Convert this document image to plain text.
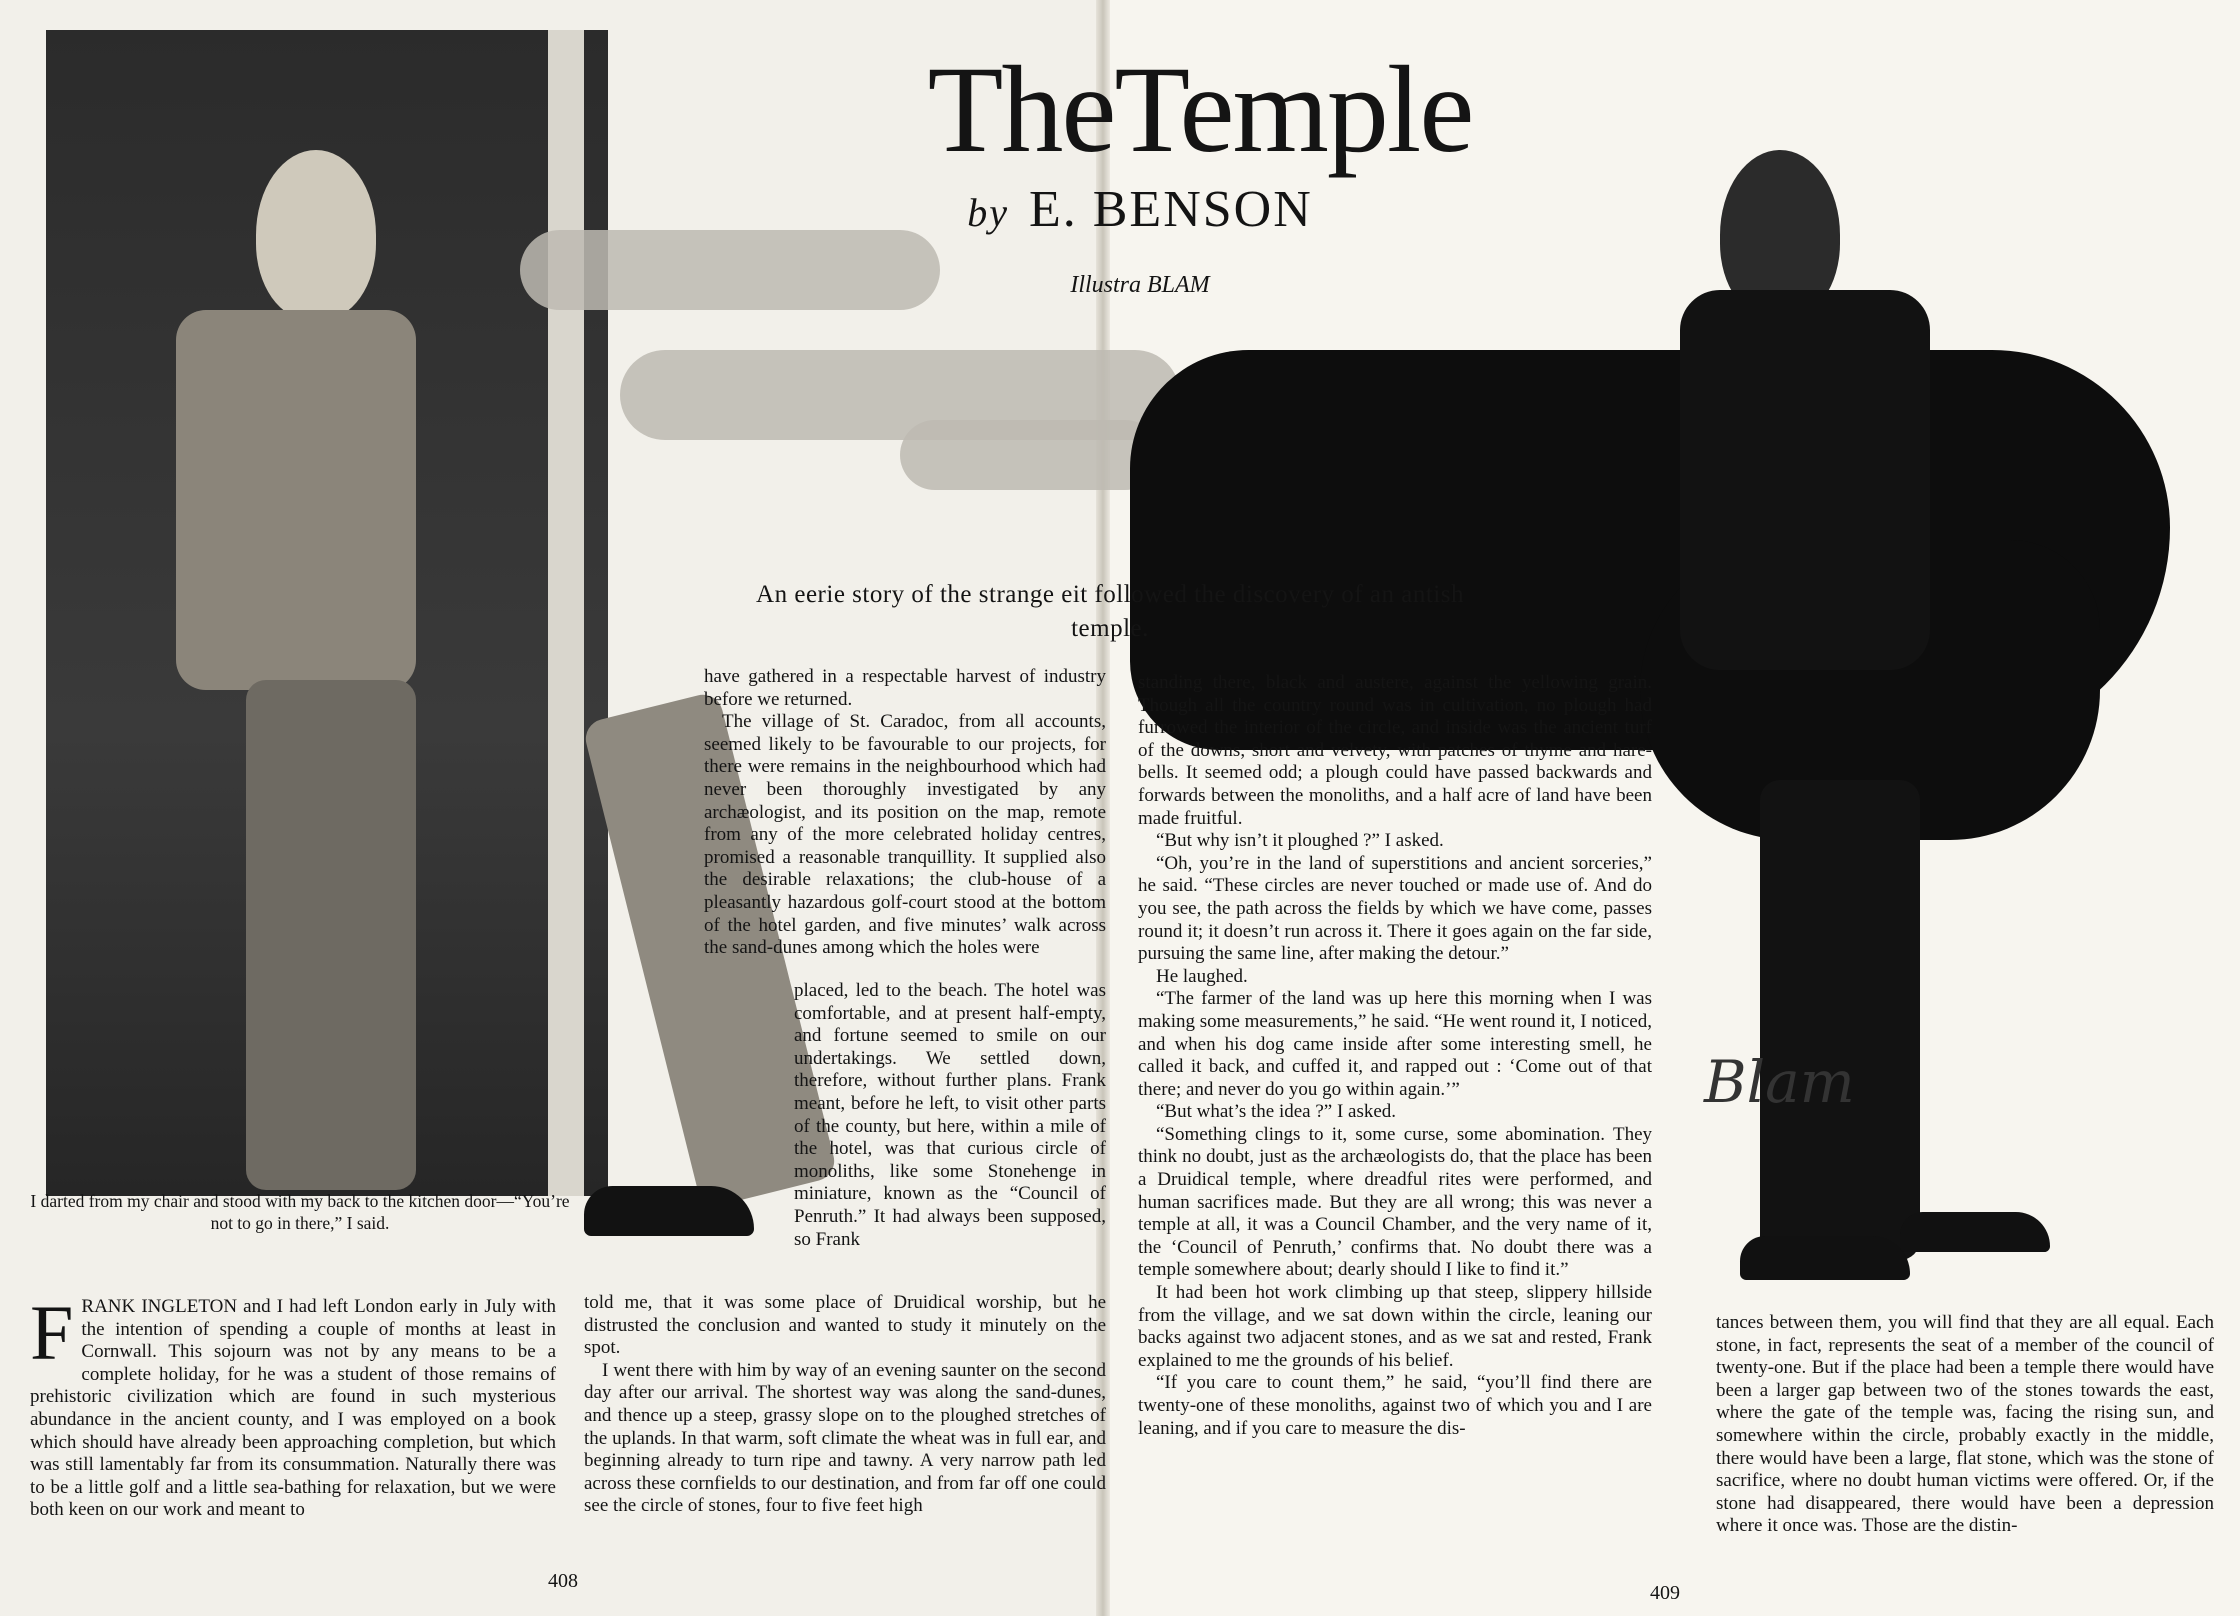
Blam
TheTemple
by E. BENSON
Illustra BLAM
An eerie story of the strange eit followed the discovery of an antish temple.
I darted from my chair and stood with my back to the kitchen door—“You’re not to go in there,” I said.

FRANK INGLETON and I had left London early in July with the intention of spending a couple of months at least in Cornwall. This sojourn was not by any means to be a complete holiday, for he was a student of those remains of prehistoric civilization which are found in such mysterious abundance in the ancient county, and I was employed on a book which should have already been approaching completion, but which was still lamentably far from its consummation. Naturally there was to be a little golf and a little sea-bathing for relaxation, but we were both keen on our work and meant to

have gathered in a respectable harvest of industry before we returned.

The village of St. Caradoc, from all accounts, seemed likely to be favourable to our projects, for there were remains in the neighbourhood which had never been thoroughly investigated by any archæologist, and its position on the map, remote from any of the more celebrated holiday centres, promised a reasonable tranquillity. It supplied also the desirable relaxations; the club-house of a pleasantly hazardous golf-court stood at the bottom of the hotel garden, and five minutes’ walk across the sand-dunes among which the holes were

placed, led to the beach. The hotel was comfortable, and at present half-empty, and fortune seemed to smile on our undertakings. We settled down, therefore, without further plans. Frank meant, before he left, to visit other parts of the county, but here, within a mile of the hotel, was that curious circle of monoliths, like some Stonehenge in miniature, known as the “Council of Penruth.” It had always been supposed, so Frank

told me, that it was some place of Druidical worship, but he distrusted the conclusion and wanted to study it minutely on the spot.

I went there with him by way of an evening saunter on the second day after our arrival. The shortest way was along the sand-dunes, and thence up a steep, grassy slope on to the ploughed stretches of the uplands. In that warm, soft climate the wheat was in full ear, and beginning already to turn ripe and tawny. A very narrow path led across these cornfields to our destination, and from far off one could see the circle of stones, four to five feet high

standing there, black and austere, against the yellowing grain. Though all the country round was in cultivation, no plough had furrowed the interior of the circle, and inside was the ancient turf of the downs, short and velvety, with patches of thyme and hare-bells. It seemed odd; a plough could have passed backwards and forwards between the monoliths, and a half acre of land have been made fruitful.

“But why isn’t it ploughed ?” I asked.

“Oh, you’re in the land of superstitions and ancient sorceries,” he said. “These circles are never touched or made use of. And do you see, the path across the fields by which we have come, passes round it; it doesn’t run across it. There it goes again on the far side, pursuing the same line, after making the detour.”

He laughed.

“The farmer of the land was up here this morning when I was making some measurements,” he said. “He went round it, I noticed, and when his dog came inside after some interesting smell, he called it back, and cuffed it, and rapped out : ‘Come out of that there; and never do you go within again.’”

“But what’s the idea ?” I asked.

“Something clings to it, some curse, some abomination. They think no doubt, just as the archæologists do, that the place has been a Druidical temple, where dreadful rites were performed, and human sacrifices made. But they are all wrong; this was never a temple at all, it was a Council Chamber, and the very name of it, the ‘Council of Penruth,’ confirms that. No doubt there was a temple somewhere about; dearly should I like to find it.”

It had been hot work climbing up that steep, slippery hillside from the village, and we sat down within the circle, leaning our backs against two adjacent stones, and as we sat and rested, Frank explained to me the grounds of his belief.

“If you care to count them,” he said, “you’ll find there are twenty-one of these monoliths, against two of which you and I are leaning, and if you care to measure the dis-

tances between them, you will find that they are all equal. Each stone, in fact, represents the seat of a member of the council of twenty-one. But if the place had been a temple there would have been a larger gap between two of the stones towards the east, where the gate of the temple was, facing the rising sun, and somewhere within the circle, probably exactly in the middle, there would have been a large, flat stone, which was the stone of sacrifice, where no doubt human victims were offered. Or, if the stone had disappeared, there would have been a depression where it once was. Those are the distin-

408
409
